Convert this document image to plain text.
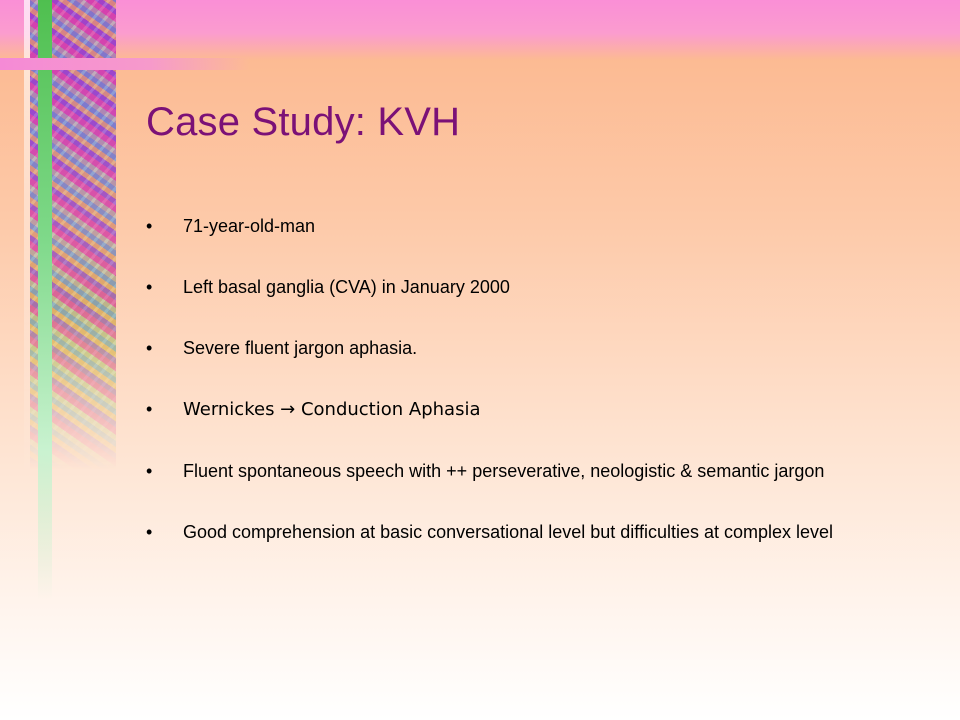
Case Study: KVH
• 71-year-old-man
• Left basal ganglia (CVA) in January 2000
• Severe fluent jargon aphasia.
• Wernickes → Conduction Aphasia
• Fluent spontaneous speech with ++ perseverative, neologistic & semantic jargon
• Good comprehension at basic conversational level but difficulties at complex level
